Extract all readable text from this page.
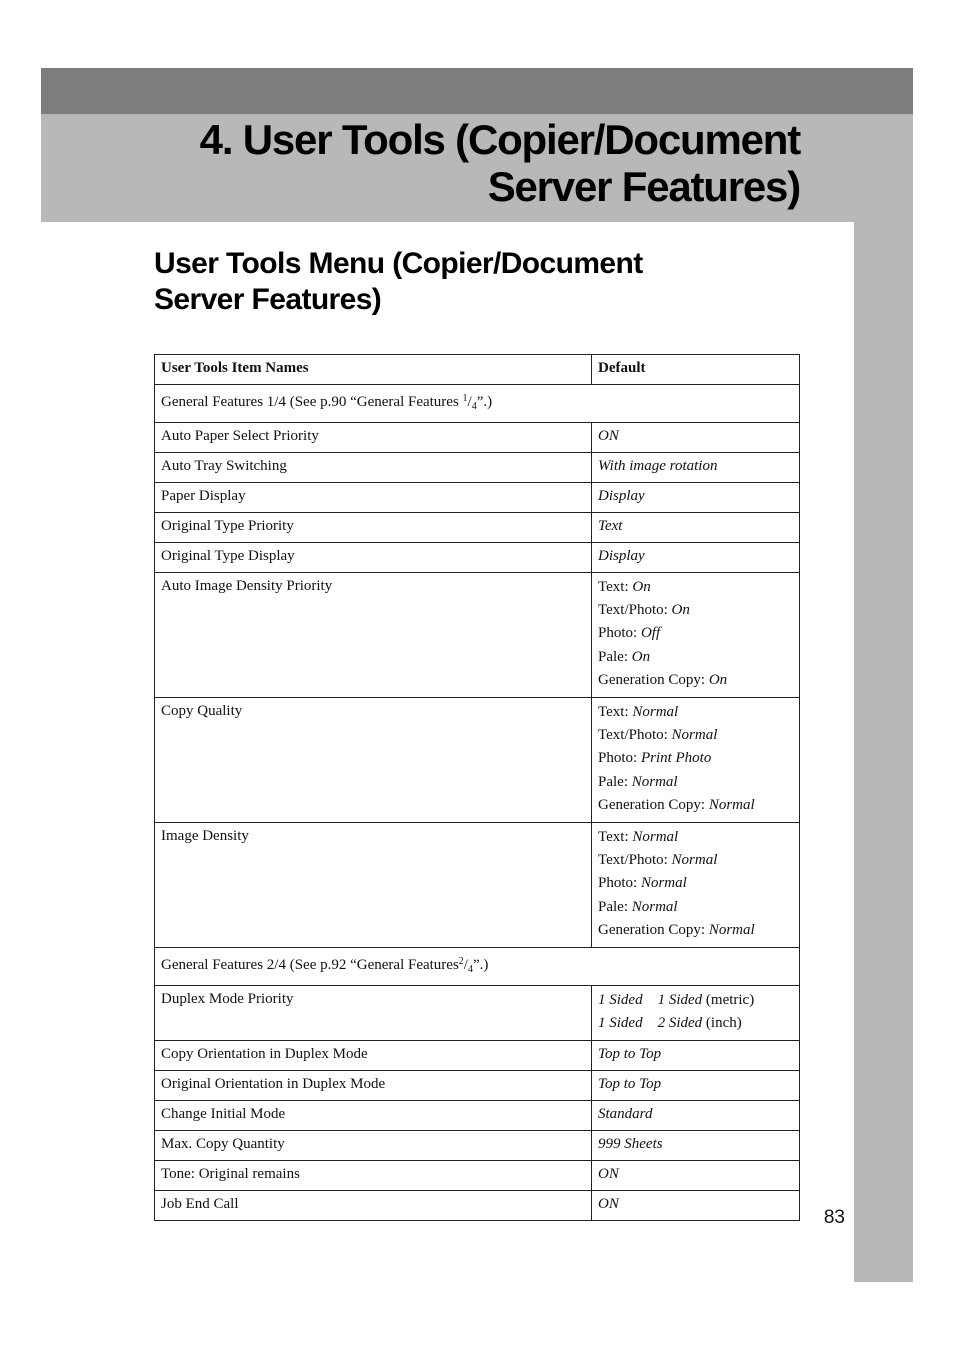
4. User Tools (Copier/Document
Server Features)
User Tools Menu (Copier/Document
Server Features)
User Tools Item Names	Default
General Features 1/4 (See p.90 “General Features $^1/_4$”.)	
Auto Paper Select Priority	ON
Auto Tray Switching	With image rotation
Paper Display	Display
Original Type Priority	Text
Original Type Display	Display
Auto Image Density Priority	Text: On
Text/Photo: On
Photo: Off
Pale: On
Generation Copy: On

Copy Quality	Text: Normal
Text/Photo: Normal
Photo: Print Photo
Pale: Normal
Generation Copy: Normal

Image Density	Text: Normal
Text/Photo: Normal
Photo: Normal
Pale: Normal
Generation Copy: Normal

General Features 2/4 (See p.92 “General $Features^2/_4$”.)	
Duplex Mode Priority	1 Sided 1 Sided (metric)
1 Sided 2 Sided (inch)

Copy Orientation in Duplex Mode	Top to Top
Original Orientation in Duplex Mode	Top to Top
Change Initial Mode	Standard
Max. Copy Quantity	999 Sheets
Tone: Original remains	ON
Job End Call	ON
83
